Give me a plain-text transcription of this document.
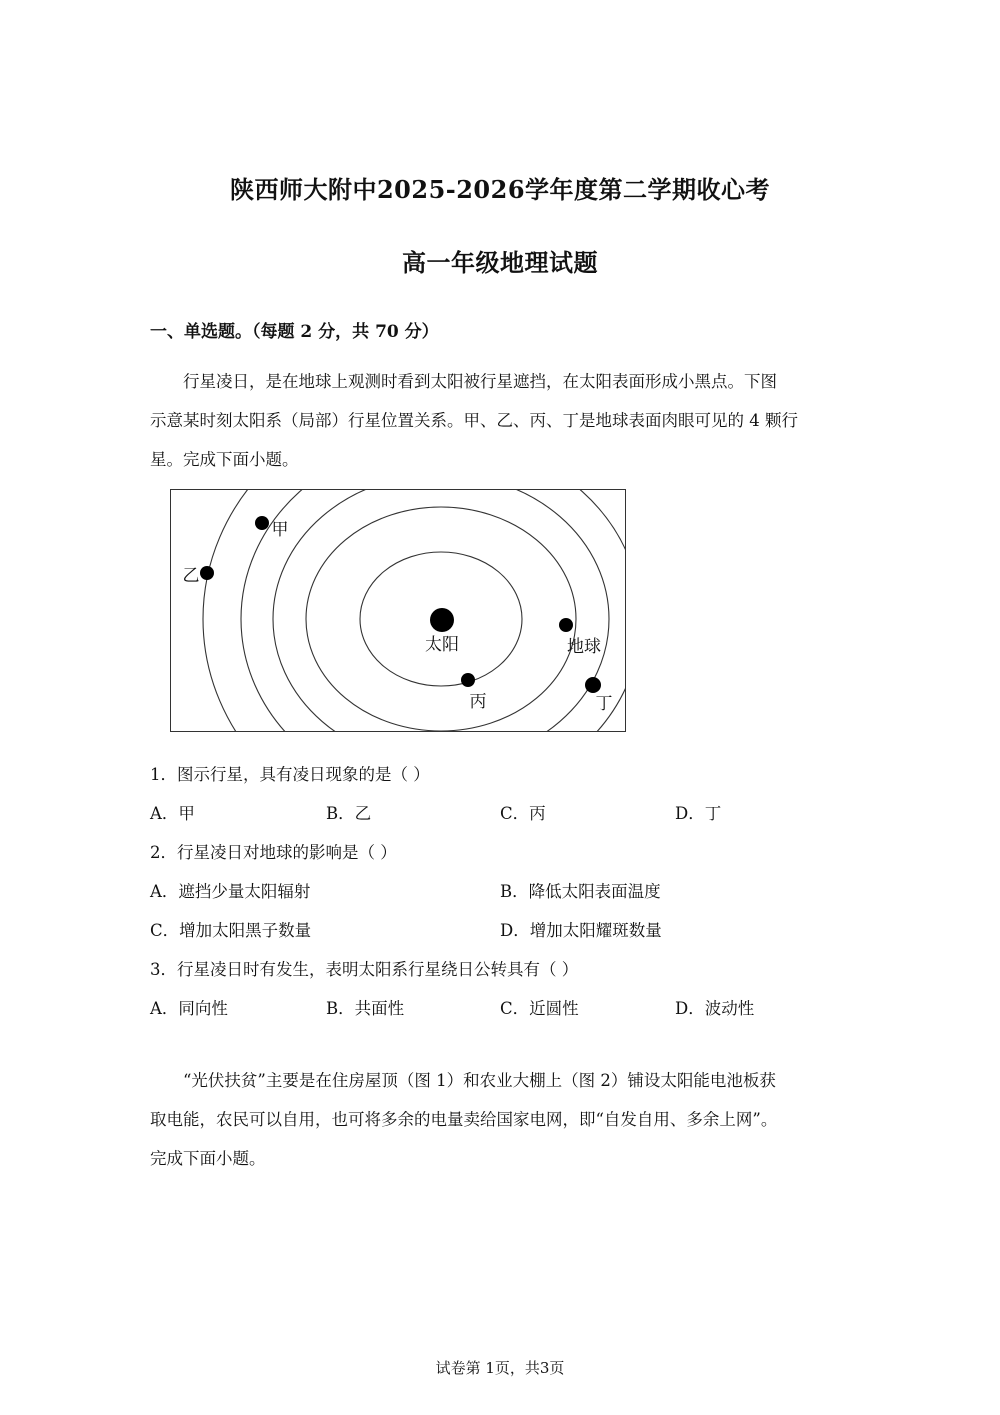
陕西师大附中2025-2026学年度第二学期收心考
高一年级地理试题
一、单选题。（每题 2 分，共 70 分）

行星凌日，是在地球上观测时看到太阳被行星遮挡，在太阳表面形成小黑点。下图

示意某时刻太阳系（局部）行星位置关系。甲、乙、丙、丁是地球表面肉眼可见的 4 颗行

星。完成下面小题。

太阳	地球
甲
乙
丙	丁
1．图示行星，具有凌日现象的是（ ）
A．甲	B．乙	C．丙	D．丁
2．行星凌日对地球的影响是（ ）
A．遮挡少量太阳辐射	B．降低太阳表面温度
C．增加太阳黑子数量	D．增加太阳耀斑数量
3．行星凌日时有发生，表明太阳系行星绕日公转具有（ ）
A．同向性	B．共面性	C．近圆性	D．波动性

“光伏扶贫”主要是在住房屋顶（图 1）和农业大棚上（图 2）铺设太阳能电池板获

取电能，农民可以自用，也可将多余的电量卖给国家电网，即“自发自用、多余上网”。

完成下面小题。

试卷第 1页，共3页
